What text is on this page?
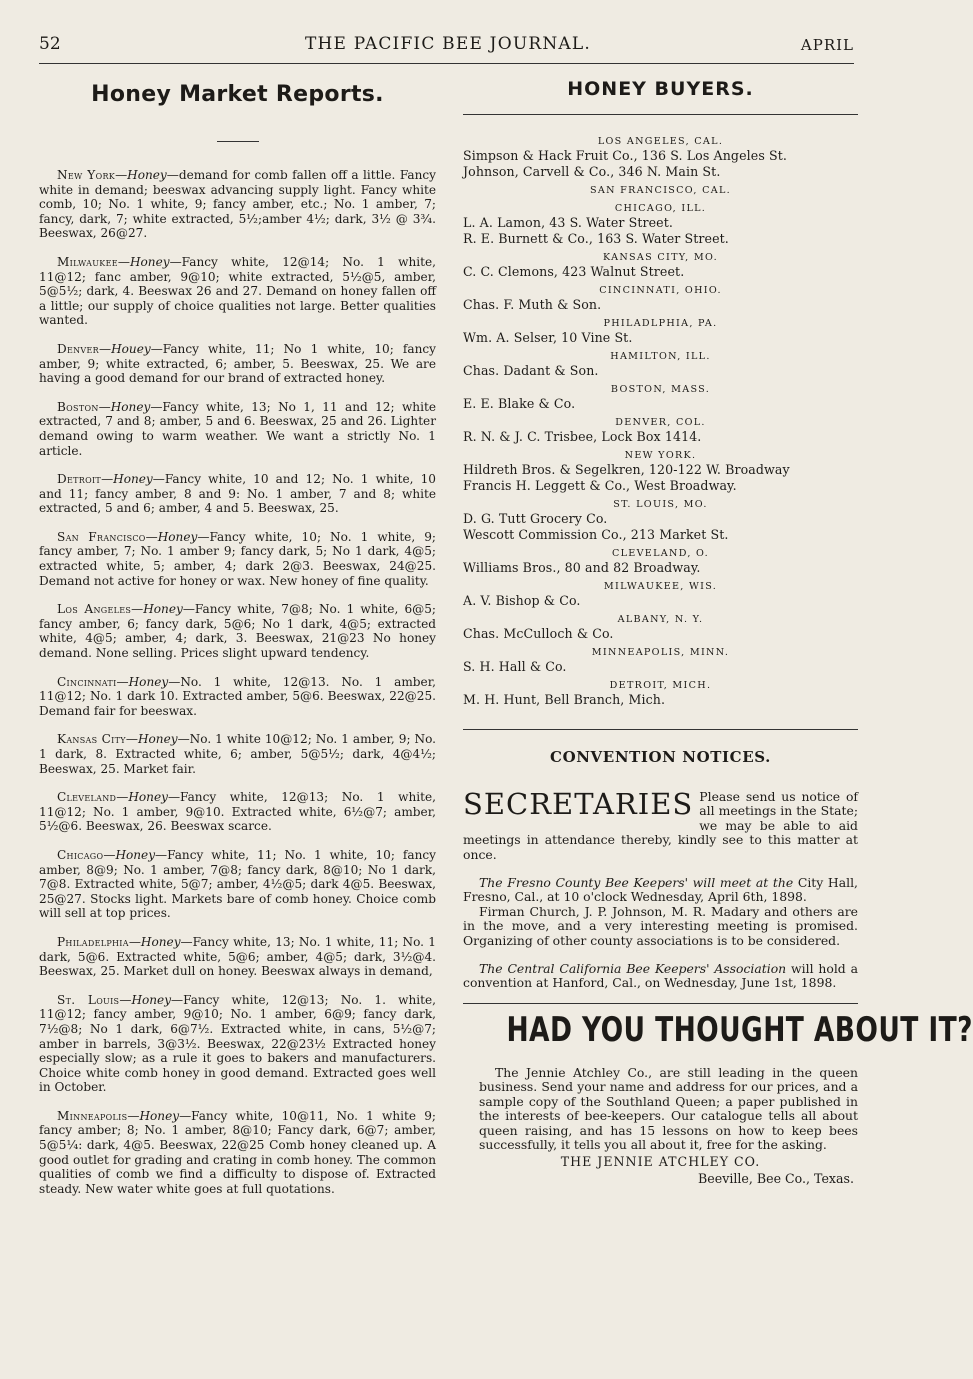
52	THE PACIFIC BEE JOURNAL.	APRIL
Honey Market Reports.

New York—Honey—demand for comb fallen off a little. Fancy white in demand; beeswax advancing supply light. Fancy white comb, 10; No. 1 white, 9; fancy amber, etc.; No. 1 amber, 7; fancy, dark, 7; white extracted, 5½;amber 4½; dark, 3½ @ 3¾. Beeswax, 26@27.

Milwaukee—Honey—Fancy white, 12@14; No. 1 white, 11@12; fanc amber, 9@10; white extracted, 5½@5, amber, 5@5½; dark, 4. Beeswax 26 and 27. Demand on honey fallen off a little; our supply of choice qualities not large. Better qualities wanted.

Denver—Houey—Fancy white, 11; No 1 white, 10; fancy amber, 9; white extracted, 6; amber, 5. Beeswax, 25. We are having a good demand for our brand of extracted honey.

Boston—Honey—Fancy white, 13; No 1, 11 and 12; white extracted, 7 and 8; amber, 5 and 6. Beeswax, 25 and 26. Lighter demand owing to warm weather. We want a strictly No. 1 article.

Detroit—Honey—Fancy white, 10 and 12; No. 1 white, 10 and 11; fancy amber, 8 and 9: No. 1 amber, 7 and 8; white extracted, 5 and 6; amber, 4 and 5. Beeswax, 25.

San Francisco—Honey—Fancy white, 10; No. 1 white, 9; fancy amber, 7; No. 1 amber 9; fancy dark, 5; No 1 dark, 4@5; extracted white, 5; amber, 4; dark 2@3. Beeswax, 24@25. Demand not active for honey or wax. New honey of fine quality.

Los Angeles—Honey—Fancy white, 7@8; No. 1 white, 6@5; fancy amber, 6; fancy dark, 5@6; No 1 dark, 4@5; extracted white, 4@5; amber, 4; dark, 3. Beeswax, 21@23 No honey demand. None selling. Prices slight upward tendency.

Cincinnati—Honey—No. 1 white, 12@13. No. 1 amber, 11@12; No. 1 dark 10. Extracted amber, 5@6. Beeswax, 22@25. Demand fair for beeswax.

Kansas City—Honey—No. 1 white 10@12; No. 1 amber, 9; No. 1 dark, 8. Extracted white, 6; amber, 5@5½; dark, 4@4½; Beeswax, 25. Market fair.

Cleveland—Honey—Fancy white, 12@13; No. 1 white, 11@12; No. 1 amber, 9@10. Extracted white, 6½@7; amber, 5½@6. Beeswax, 26. Beeswax scarce.

Chicago—Honey—Fancy white, 11; No. 1 white, 10; fancy amber, 8@9; No. 1 amber, 7@8; fancy dark, 8@10; No 1 dark, 7@8. Extracted white, 5@7; amber, 4½@5; dark 4@5. Beeswax, 25@27. Stocks light. Markets bare of comb honey. Choice comb will sell at top prices.

Philadelphia—Honey—Fancy white, 13; No. 1 white, 11; No. 1 dark, 5@6. Extracted white, 5@6; amber, 4@5; dark, 3½@4. Beeswax, 25. Market dull on honey. Beeswax always in demand,

St. Louis—Honey—Fancy white, 12@13; No. 1. white, 11@12; fancy amber, 9@10; No. 1 amber, 6@9; fancy dark, 7½@8; No 1 dark, 6@7½. Extracted white, in cans, 5½@7; amber in barrels, 3@3½. Beeswax, 22@23½ Extracted honey especially slow; as a rule it goes to bakers and manufacturers. Choice white comb honey in good demand. Extracted goes well in October.

Minneapolis—Honey—Fancy white, 10@11, No. 1 white 9; fancy amber; 8; No. 1 amber, 8@10; Fancy dark, 6@7; amber, 5@5¼: dark, 4@5. Beeswax, 22@25 Comb honey cleaned up. A good outlet for grading and crating in comb honey. The common qualities of comb we find a difficulty to dispose of. Extracted steady. New water white goes at full quotations.

HONEY BUYERS.
LOS ANGELES, CAL.
Simpson & Hack Fruit Co., 136 S. Los Angeles St.
Johnson, Carvell & Co., 346 N. Main St.
SAN FRANCISCO, CAL.
CHICAGO, ILL.
L. A. Lamon, 43 S. Water Street.
R. E. Burnett & Co., 163 S. Water Street.
KANSAS CITY, MO.
C. C. Clemons, 423 Walnut Street.
CINCINNATI, OHIO.
Chas. F. Muth & Son.
PHILADLPHIA, PA.
Wm. A. Selser, 10 Vine St.
HAMILTON, ILL.
Chas. Dadant & Son.
BOSTON, MASS.
E. E. Blake & Co.
DENVER, COL.
R. N. & J. C. Trisbee, Lock Box 1414.
NEW YORK.
Hildreth Bros. & Segelkren, 120-122 W. Broadway
Francis H. Leggett & Co., West Broadway.
ST. LOUIS, MO.
D. G. Tutt Grocery Co.
Wescott Commission Co., 213 Market St.
CLEVELAND, O.
Williams Bros., 80 and 82 Broadway.
MILWAUKEE, WIS.
A. V. Bishop & Co.
ALBANY, N. Y.
Chas. McCulloch & Co.
MINNEAPOLIS, MINN.
S. H. Hall & Co.
DETROIT, MICH.
M. H. Hunt, Bell Branch, Mich.
CONVENTION NOTICES.
SECRETARIES Please send us notice of all meetings in the State; we may be able to aid meetings in attendance thereby, kindly see to this matter at once.
The Fresno County Bee Keepers' will meet at the City Hall, Fresno, Cal., at 10 o'clock Wednesday, April 6th, 1898.
Firman Church, J. P. Johnson, M. R. Madary and others are in the move, and a very interesting meeting is promised. Organizing of other county associations is to be considered.
The Central California Bee Keepers' Association will hold a convention at Hanford, Cal., on Wednesday, June 1st, 1898.
HAD YOU THOUGHT ABOUT IT?
The Jennie Atchley Co., are still leading in the queen business. Send your name and address for our prices, and a sample copy of the Southland Queen; a paper published in the interests of bee-keepers. Our catalogue tells all about queen raising, and has 15 lessons on how to keep bees successfully, it tells you all about it, free for the asking.
THE JENNIE ATCHLEY CO.
Beeville, Bee Co., Texas.
